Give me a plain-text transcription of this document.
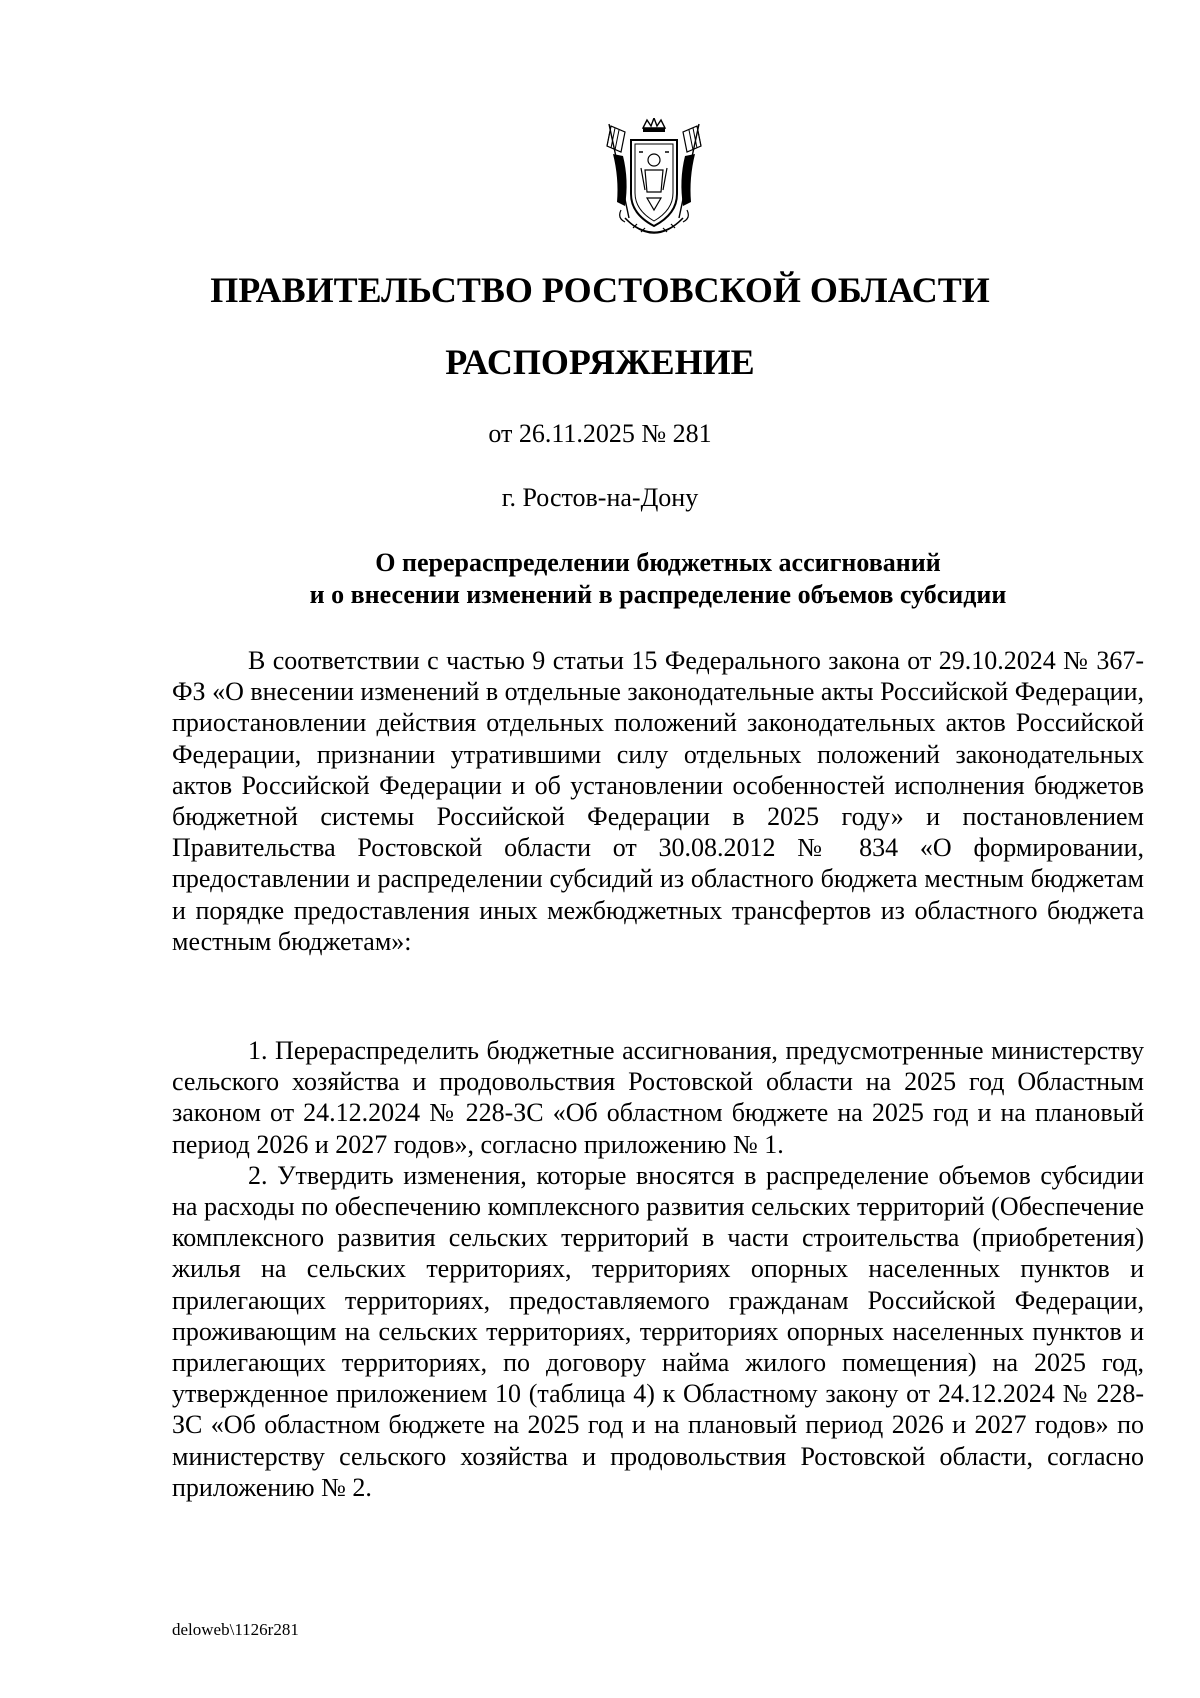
ПРАВИТЕЛЬСТВО РОСТОВСКОЙ ОБЛАСТИ
РАСПОРЯЖЕНИЕ
от 26.11.2025 № 281
г. Ростов-на-Дону
О перераспределении бюджетных ассигнований
и о внесении изменений в распределение объемов субсидии

В соответствии с частью 9 статьи 15 Федерального закона от 29.10.2024 № 367-ФЗ «О внесении изменений в отдельные законодательные акты Российской Федерации, приостановлении действия отдельных положений законодательных актов Российской Федерации, признании утратившими силу отдельных положений законодательных актов Российской Федерации и об установлении особенностей исполнения бюджетов бюджетной системы Российской Федерации в 2025 году» и постановлением Правительства Ростовской области от 30.08.2012 № 834 «О формировании, предоставлении и распределении субсидий из областного бюджета местным бюджетам и порядке предоставления иных межбюджетных трансфертов из областного бюджета местным бюджетам»:

1. Перераспределить бюджетные ассигнования, предусмотренные министерству сельского хозяйства и продовольствия Ростовской области на 2025 год Областным законом от 24.12.2024 № 228-ЗС «Об областном бюджете на 2025 год и на плановый период 2026 и 2027 годов», согласно приложению № 1.

2. Утвердить изменения, которые вносятся в распределение объемов субсидии на расходы по обеспечению комплексного развития сельских территорий (Обеспечение комплексного развития сельских территорий в части строительства (приобретения) жилья на сельских территориях, территориях опорных населенных пунктов и прилегающих территориях, предоставляемого гражданам Российской Федерации, проживающим на сельских территориях, территориях опорных населенных пунктов и прилегающих территориях, по договору найма жилого помещения) на 2025 год, утвержденное приложением 10 (таблица 4) к Областному закону от 24.12.2024 № 228-ЗС «Об областном бюджете на 2025 год и на плановый период 2026 и 2027 годов» по министерству сельского хозяйства и продовольствия Ростовской области, согласно приложению № 2.

deloweb\1126r281
